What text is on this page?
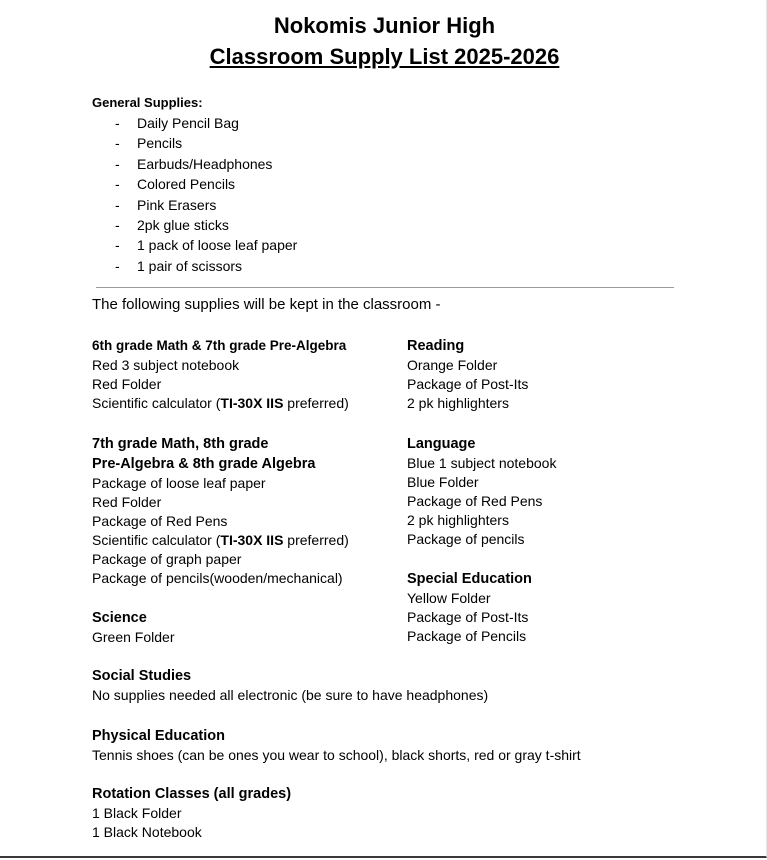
Nokomis Junior High
Classroom Supply List 2025-2026
General Supplies:
- Daily Pencil Bag
- Pencils
- Earbuds/Headphones
- Colored Pencils
- Pink Erasers
- 2pk glue sticks
- 1 pack of loose leaf paper
- 1 pair of scissors
The following supplies will be kept in the classroom -
6th grade Math & 7th grade Pre-Algebra
Red 3 subject notebook
Red Folder
Scientific calculator (TI-30X IIS preferred)
7th grade Math, 8th grade
Pre-Algebra & 8th grade Algebra
Package of loose leaf paper
Red Folder
Package of Red Pens
Scientific calculator (TI-30X IIS preferred)
Package of graph paper
Package of pencils(wooden/mechanical)
Science
Green Folder
Reading
Orange Folder
Package of Post-Its
2 pk highlighters
Language
Blue 1 subject notebook
Blue Folder
Package of Red Pens
2 pk highlighters
Package of pencils
Special Education
Yellow Folder
Package of Post-Its
Package of Pencils
Social Studies
No supplies needed all electronic (be sure to have headphones)
Physical Education
Tennis shoes (can be ones you wear to school), black shorts, red or gray t-shirt
Rotation Classes (all grades)
1 Black Folder
1 Black Notebook
